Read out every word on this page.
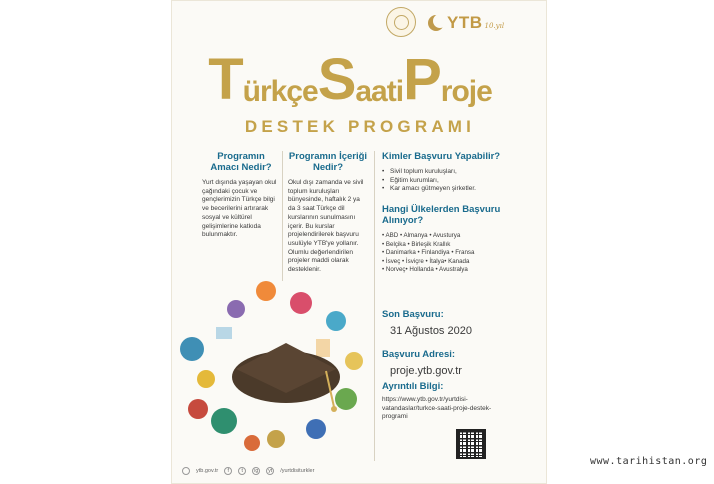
YTB 10.yıl
T ürkçe S aati P roje
DESTEK PROGRAMI
Programın Amacı Nedir?
Yurt dışında yaşayan okul çağındaki çocuk ve gençlerimizin Türkçe bilgi ve becerilerini artırarak sosyal ve kültürel gelişimlerine katkıda bulunmaktır.
Programın İçeriği Nedir?
Okul dışı zamanda ve sivil toplum kuruluşları bünyesinde, haftalık 2 ya da 3 saat Türkçe dil kurslarının sunulmasını içerir. Bu kurslar projelendirilerek başvuru usulüyle YTB'ye yollanır. Olumlu değerlendirilen projeler maddi olarak desteklenir.
Kimler Başvuru Yapabilir?
• Sivil toplum kuruluşları,
• Eğitim kurumları,
• Kar amacı gütmeyen şirketler.
Hangi Ülkelerden Başvuru Alınıyor?
• ABD • Almanya • Avusturya
• Belçika • Birleşik Krallık
• Danimarka • Finlandiya • Fransa
• İsveç • İsviçre • İtalya• Kanada
• Norveç• Hollanda • Avustralya
Son Başvuru:
31 Ağustos 2020
Başvuru Adresi:
proje.ytb.gov.tr
Ayrıntılı Bilgi:
https://www.ytb.gov.tr/yurtdisi-vatandaslar/turkce-saati-proje-destek-programi
ytb.gov.tr	f	t	ig	yt	/yurtdisiturkler
www.tarihistan.org
